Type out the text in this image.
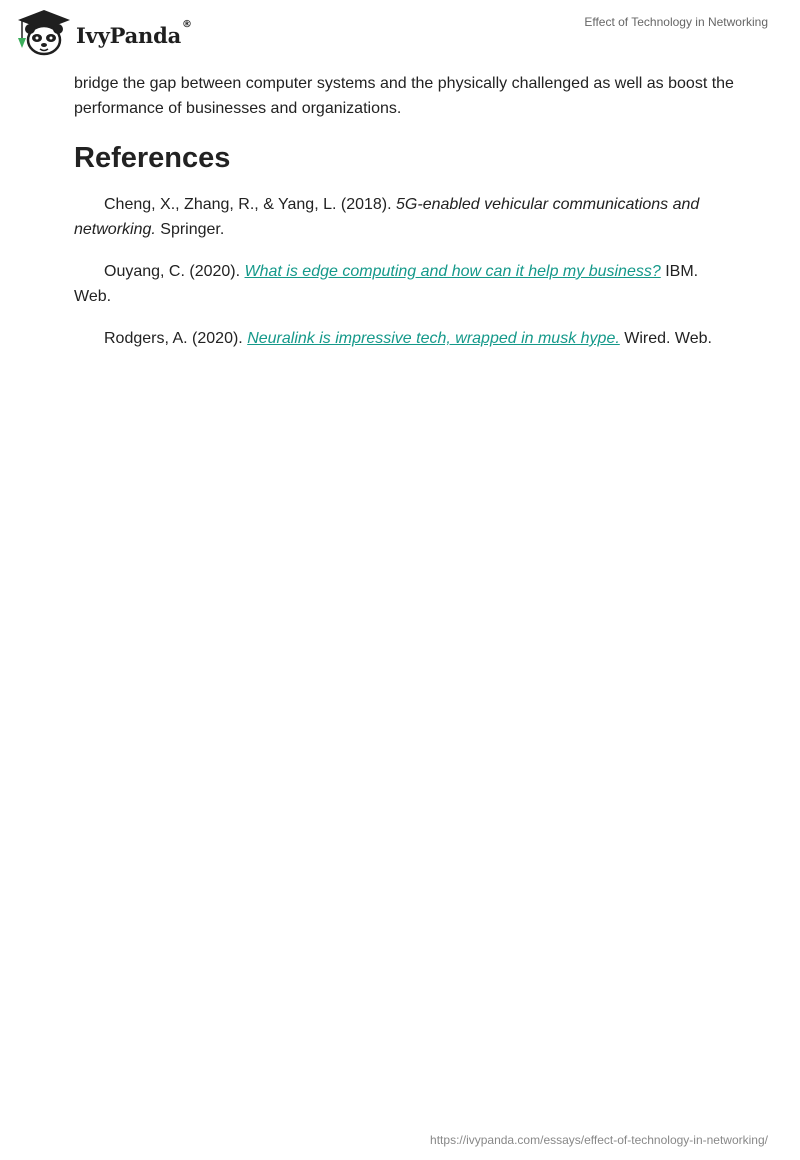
IvyPanda®	Effect of Technology in Networking

bridge the gap between computer systems and the physically challenged as well as boost the performance of businesses and organizations.

References

Cheng, X., Zhang, R., & Yang, L. (2018). 5G-enabled vehicular communications and networking. Springer.

Ouyang, C. (2020). What is edge computing and how can it help my business? IBM. Web.

Rodgers, A. (2020). Neuralink is impressive tech, wrapped in musk hype. Wired. Web.

https://ivypanda.com/essays/effect-of-technology-in-networking/
